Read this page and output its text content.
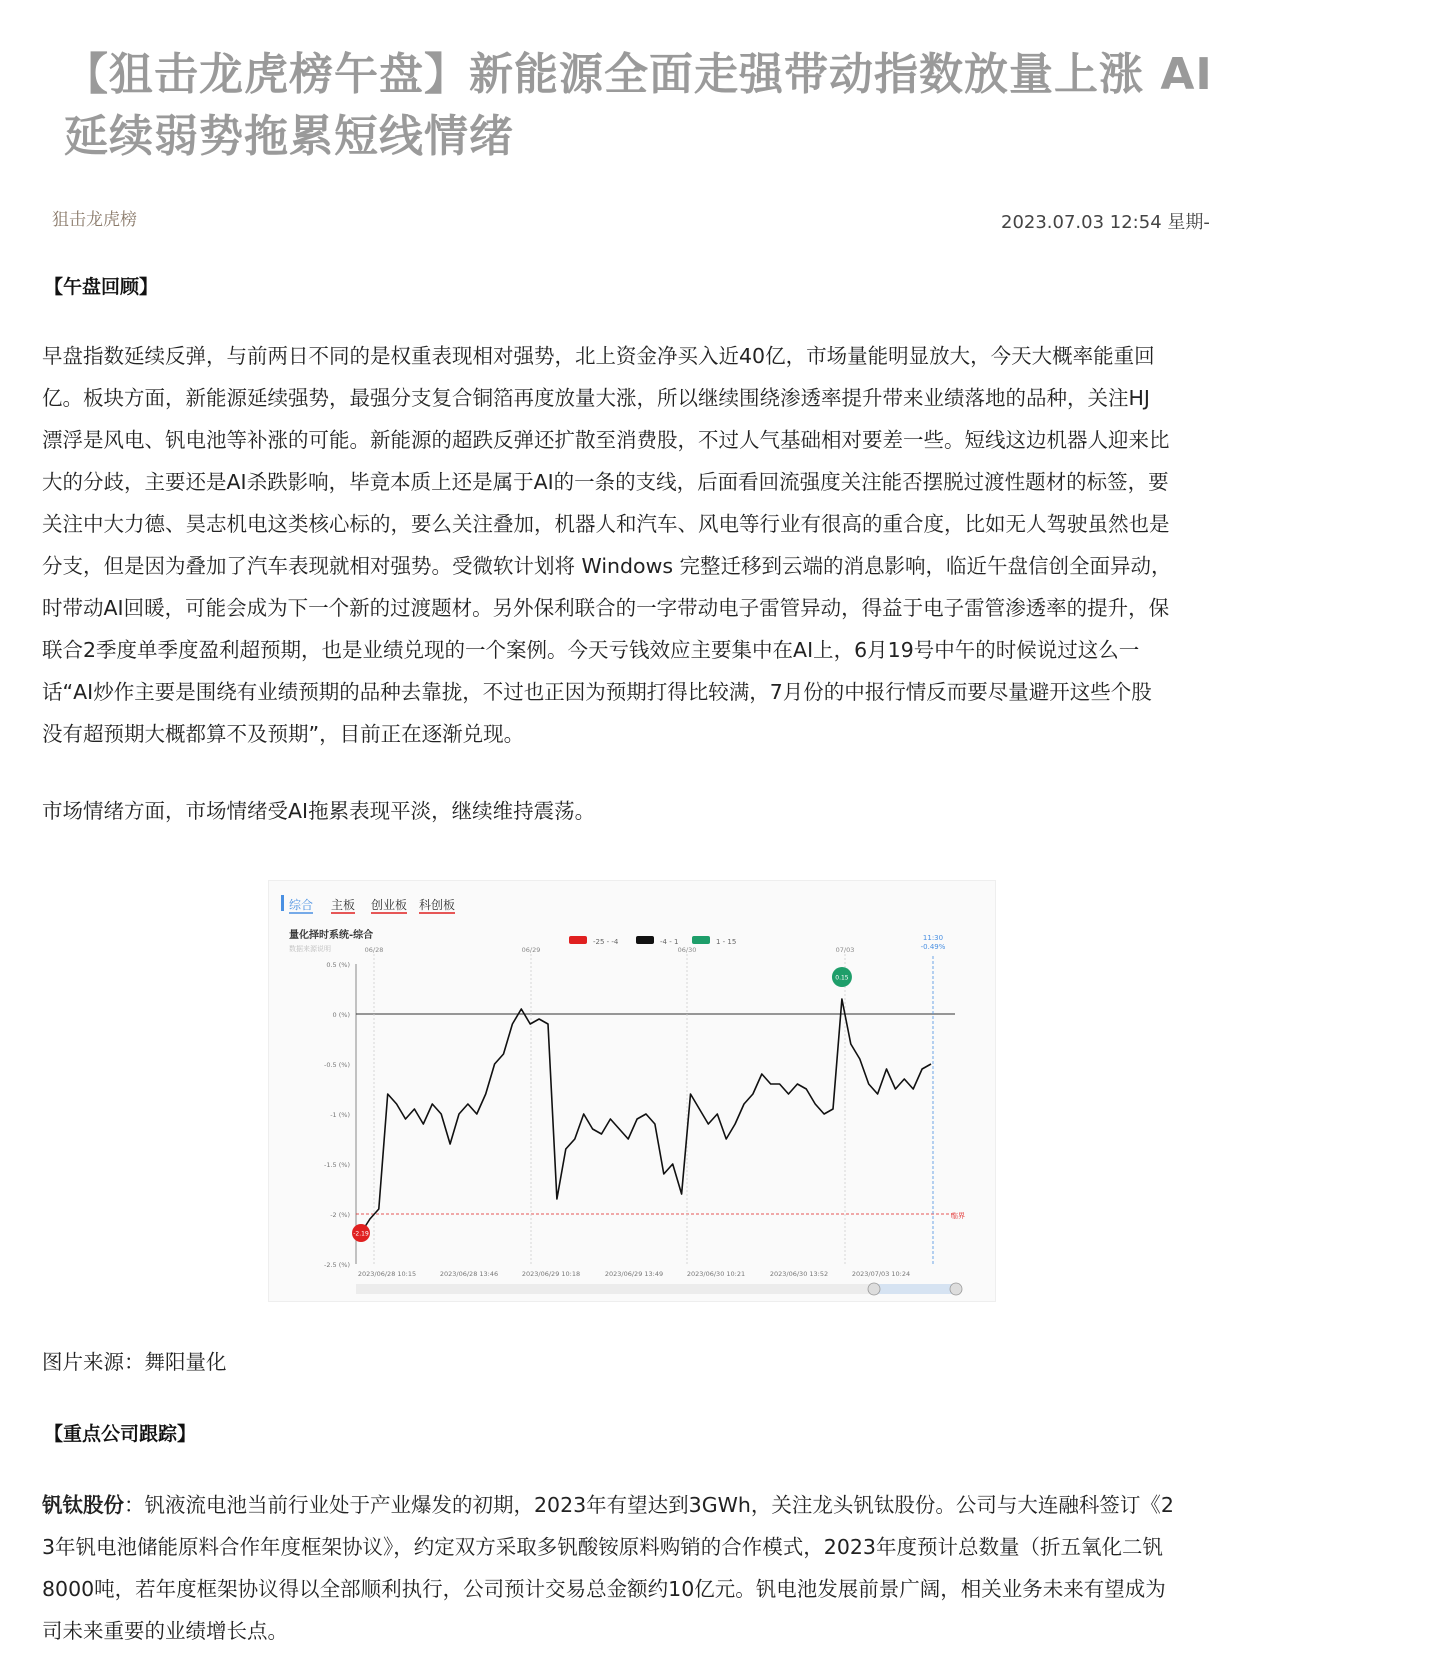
【狙击龙虎榜午盘】新能源全面走强带动指数放量上涨 AI
延续弱势拖累短线情绪
狙击龙虎榜	2023.07.03 12:54 星期-
【午盘回顾】
早盘指数延续反弹，与前两日不同的是权重表现相对强势，北上资金净买入近40亿，市场量能明显放大，今天大概率能重回
亿。板块方面，新能源延续强势，最强分支复合铜箔再度放量大涨，所以继续围绕渗透率提升带来业绩落地的品种，关注HJ
漂浮是风电、钒电池等补涨的可能。新能源的超跌反弹还扩散至消费股，不过人气基础相对要差一些。短线这边机器人迎来比
大的分歧，主要还是AI杀跌影响，毕竟本质上还是属于AI的一条的支线，后面看回流强度关注能否摆脱过渡性题材的标签，要
关注中大力德、昊志机电这类核心标的，要么关注叠加，机器人和汽车、风电等行业有很高的重合度，比如无人驾驶虽然也是
分支，但是因为叠加了汽车表现就相对强势。受微软计划将 Windows 完整迁移到云端的消息影响，临近午盘信创全面异动，
时带动AI回暖，可能会成为下一个新的过渡题材。另外保利联合的一字带动电子雷管异动，得益于电子雷管渗透率的提升，保
联合2季度单季度盈利超预期，也是业绩兑现的一个案例。今天亏钱效应主要集中在AI上，6月19号中午的时候说过这么一
话“AI炒作主要是围绕有业绩预期的品种去靠拢，不过也正因为预期打得比较满，7月份的中报行情反而要尽量避开这些个股
没有超预期大概都算不及预期”，目前正在逐渐兑现。
市场情绪方面，市场情绪受AI拖累表现平淡，继续维持震荡。
综合 主板 创业板 科创板
量化择时系统-综合
数据来源说明
-25 - -4	-4 - 1	1 - 15
临界
0.5 (%)
0 (%)
-0.5 (%)
-1 (%)
-1.5 (%)
-2 (%)
-2.5 (%)
06/28	06/29	06/30	07/03
11:30
-0.49%
-2.19
0.15
2023/06/28 10:15	2023/06/28 13:46	2023/06/29 10:18	2023/06/29 13:49	2023/06/30 10:21	2023/06/30 13:52	2023/07/03 10:24
图片来源：舞阳量化
【重点公司跟踪】
钒钛股份：钒液流电池当前行业处于产业爆发的初期，2023年有望达到3GWh，关注龙头钒钛股份。公司与大连融科签订《2
3年钒电池储能原料合作年度框架协议》，约定双方采取多钒酸铵原料购销的合作模式，2023年度预计总数量（折五氧化二钒
8000吨，若年度框架协议得以全部顺利执行，公司预计交易总金额约10亿元。钒电池发展前景广阔，相关业务未来有望成为
司未来重要的业绩增长点。
